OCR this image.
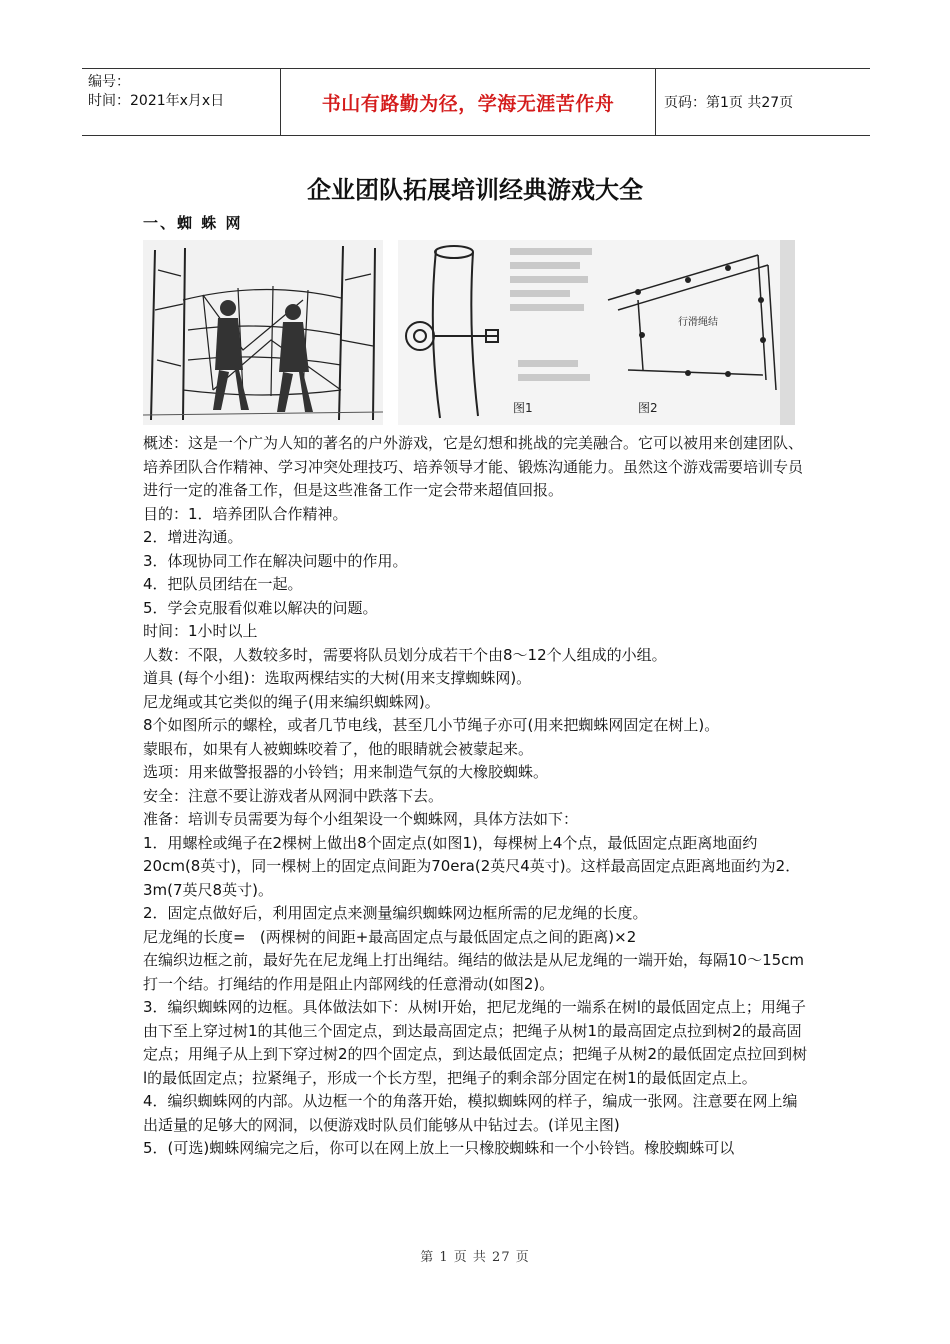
编号：
时间：2021年x月x日	书山有路勤为径，学海无涯苦作舟	页码：第1页 共27页
企业团队拓展培训经典游戏大全
一、蜘 蛛 网
图1
行滑绳结
图2

概述：这是一个广为人知的著名的户外游戏，它是幻想和挑战的完美融合。它可以被用来创建团队、培养团队合作精神、学习冲突处理技巧、培养领导才能、锻炼沟通能力。虽然这个游戏需要培训专员进行一定的准备工作，但是这些准备工作一定会带来超值回报。

目的：1．培养团队合作精神。

2．增进沟通。

3．体现协同工作在解决问题中的作用。

4．把队员团结在一起。

5．学会克服看似难以解决的问题。

时间：1小时以上

人数：不限，人数较多时，需要将队员划分成若干个由8～12个人组成的小组。

道具 (每个小组)：选取两棵结实的大树(用来支撑蜘蛛网)。

尼龙绳或其它类似的绳子(用来编织蜘蛛网)。

8个如图所示的螺栓，或者几节电线，甚至几小节绳子亦可(用来把蜘蛛网固定在树上)。

蒙眼布，如果有人被蜘蛛咬着了，他的眼睛就会被蒙起来。

选项：用来做警报器的小铃铛；用来制造气氛的大橡胶蜘蛛。

安全：注意不要让游戏者从网洞中跌落下去。

准备：培训专员需要为每个小组架设一个蜘蛛网，具体方法如下：

1．用螺栓或绳子在2棵树上做出8个固定点(如图1)，每棵树上4个点，最低固定点距离地面约20cm(8英寸)，同一棵树上的固定点间距为70era(2英尺4英寸)。这样最高固定点距离地面约为2．3m(7英尺8英寸)。

2．固定点做好后，利用固定点来测量编织蜘蛛网边框所需的尼龙绳的长度。

尼龙绳的长度=   (两棵树的间距+最高固定点与最低固定点之间的距离)×2

在编织边框之前，最好先在尼龙绳上打出绳结。绳结的做法是从尼龙绳的一端开始，每隔10～15cm打一个结。打绳结的作用是阻止内部网线的任意滑动(如图2)。

3．编织蜘蛛网的边框。具体做法如下：从树l开始，把尼龙绳的一端系在树l的最低固定点上；用绳子由下至上穿过树1的其他三个固定点，到达最高固定点；把绳子从树1的最高固定点拉到树2的最高固定点；用绳子从上到下穿过树2的四个固定点，到达最低固定点；把绳子从树2的最低固定点拉回到树l的最低固定点；拉紧绳子，形成一个长方型，把绳子的剩余部分固定在树1的最低固定点上。

4．编织蜘蛛网的内部。从边框一个的角落开始，模拟蜘蛛网的样子，编成一张网。注意要在网上编出适量的足够大的网洞，以便游戏时队员们能够从中钻过去。(详见主图)

5．(可选)蜘蛛网编完之后，你可以在网上放上一只橡胶蜘蛛和一个小铃铛。橡胶蜘蛛可以

第 1 页 共 27 页
